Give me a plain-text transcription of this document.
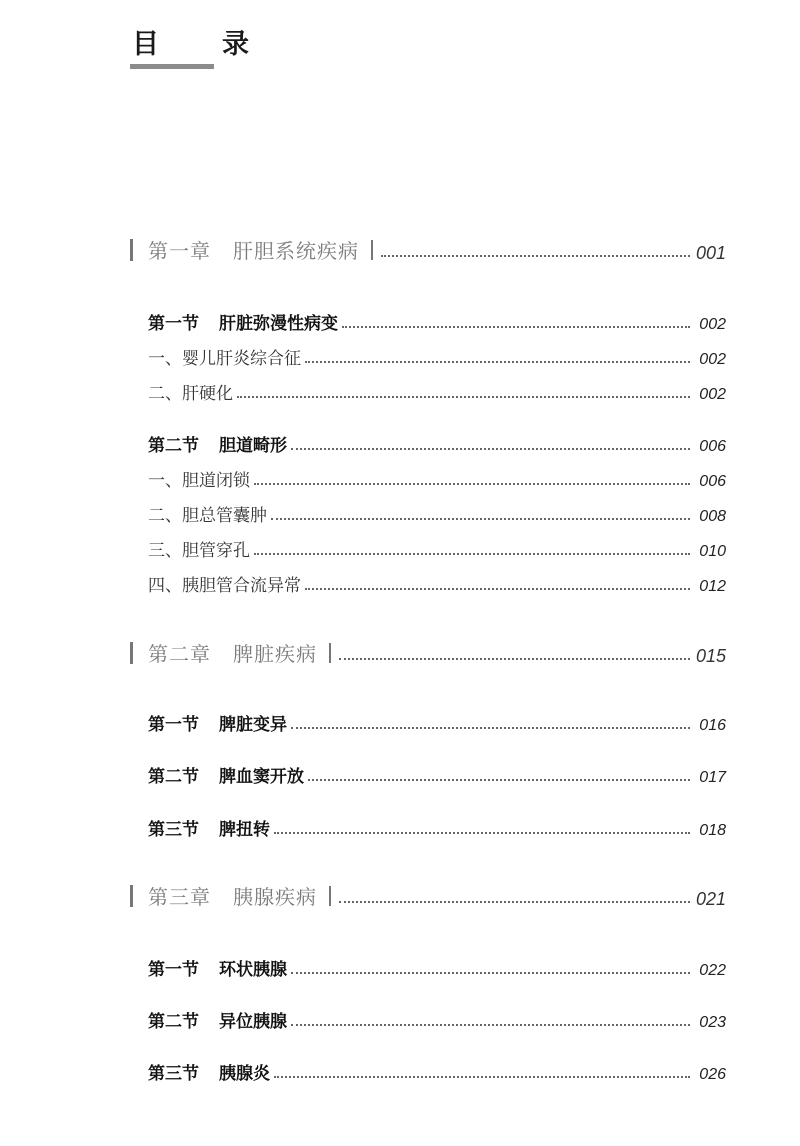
目　录
第一章 肝胆系统疾病	001
第一节 肝脏弥漫性病变	002
一、婴儿肝炎综合征	002
二、肝硬化	002
第二节 胆道畸形	006
一、胆道闭锁	006
二、胆总管囊肿	008
三、胆管穿孔	010
四、胰胆管合流异常	012
第二章 脾脏疾病	015
第一节 脾脏变异	016
第二节 脾血窦开放	017
第三节 脾扭转	018
第三章 胰腺疾病	021
第一节 环状胰腺	022
第二节 异位胰腺	023
第三节 胰腺炎	026
